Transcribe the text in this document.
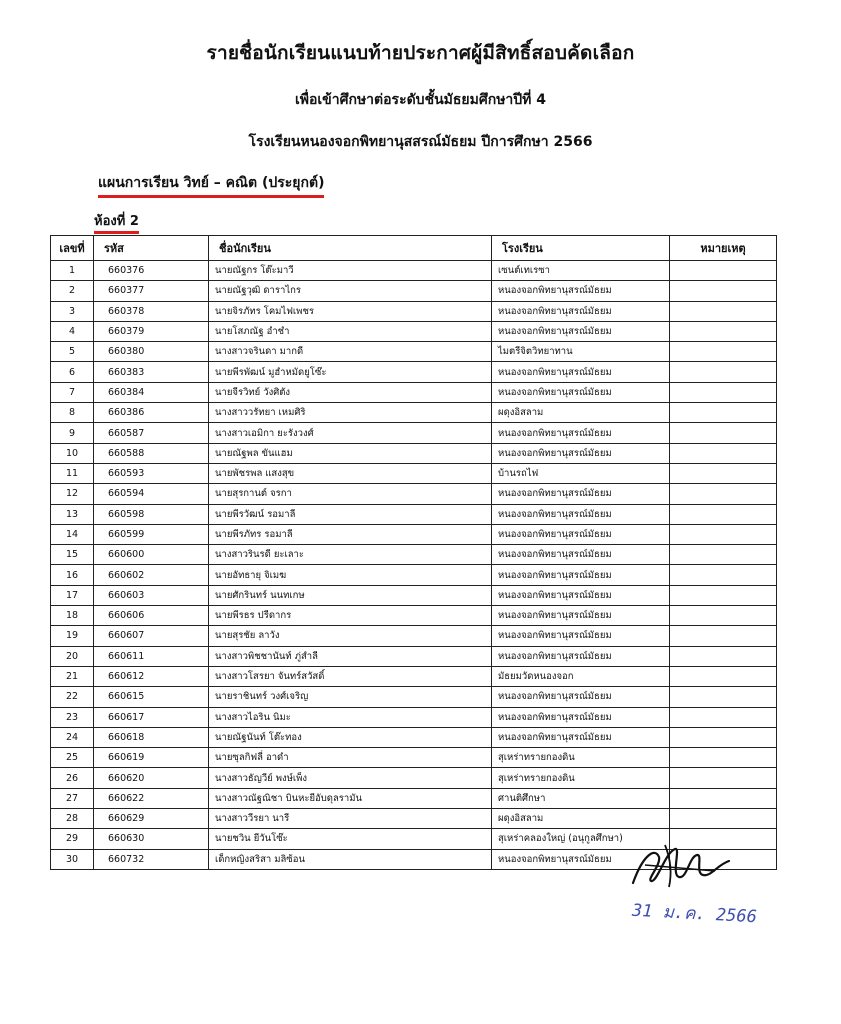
รายชื่อนักเรียนแนบท้ายประกาศผู้มีสิทธิ์สอบคัดเลือก
เพื่อเข้าศึกษาต่อระดับชั้นมัธยมศึกษาปีที่ 4
โรงเรียนหนองจอกพิทยานุสสรณ์มัธยม ปีการศึกษา 2566
แผนการเรียน วิทย์ – คณิต (ประยุกต์)
ห้องที่ 2
เลขที่	รหัส	ชื่อนักเรียน	โรงเรียน	หมายเหตุ
1	660376	นายณัฐกร โต๊ะมาวี	เซนต์เทเรซา	
2	660377	นายณัฐวุฒิ ดาราไกร	หนองจอกพิทยานุสรณ์มัธยม	
3	660378	นายจิรภัทร โคมไฟเพชร	หนองจอกพิทยานุสรณ์มัธยม	
4	660379	นายโสภณัฐ อำชำ	หนองจอกพิทยานุสรณ์มัธยม	
5	660380	นางสาวจรินดา มากดี	ไมตรีจิตวิทยาทาน	
6	660383	นายพีรพัฒน์ มูฮำหมัดยูโซ๊ะ	หนองจอกพิทยานุสรณ์มัธยม	
7	660384	นายจีรวิทย์ วังศิตัง	หนองจอกพิทยานุสรณ์มัธยม	
8	660386	นางสาววรัทยา เหมศิริ	ผดุงอิสลาม	
9	660587	นางสาวเอมิกา ยะรังวงศ์	หนองจอกพิทยานุสรณ์มัธยม	
10	660588	นายณัฐพล ขันแฮม	หนองจอกพิทยานุสรณ์มัธยม	
11	660593	นายพัชรพล แสงสุข	บ้านรถไฟ	
12	660594	นายสุรกานต์ จรกา	หนองจอกพิทยานุสรณ์มัธยม	
13	660598	นายพีรวัฒน์ รอมาลี	หนองจอกพิทยานุสรณ์มัธยม	
14	660599	นายพีรภัทร รอมาลี	หนองจอกพิทยานุสรณ์มัธยม	
15	660600	นางสาวรินรดี ยะเลาะ	หนองจอกพิทยานุสรณ์มัธยม	
16	660602	นายอัทธายุ จิเมฆ	หนองจอกพิทยานุสรณ์มัธยม	
17	660603	นายศักรินทร์ นนทเกษ	หนองจอกพิทยานุสรณ์มัธยม	
18	660606	นายพีรธร ปรีดากร	หนองจอกพิทยานุสรณ์มัธยม	
19	660607	นายสุรชัย ลาวัง	หนองจอกพิทยานุสรณ์มัธยม	
20	660611	นางสาวพิชชานันท์ ภู่สำลี	หนองจอกพิทยานุสรณ์มัธยม	
21	660612	นางสาวโสรยา จันทร์สวัสดิ์	มัธยมวัดหนองจอก	
22	660615	นายราชินทร์ วงศ์เจริญ	หนองจอกพิทยานุสรณ์มัธยม	
23	660617	นางสาวไอริน นิมะ	หนองจอกพิทยานุสรณ์มัธยม	
24	660618	นายณัฐนันท์ โต๊ะทอง	หนองจอกพิทยานุสรณ์มัธยม	
25	660619	นายซุลกิฟลี่ อาดำ	สุเหร่าทรายกองดิน	
26	660620	นางสาวธัญวีย์ พงษ์เพ็ง	สุเหร่าทรายกองดิน	
27	660622	นางสาวณัฐณิชา บินหะยีอับดุลรามัน	ศานติศึกษา	
28	660629	นางสาววีรยา นารี	ผดุงอิสลาม	
29	660630	นายชวิน ยีวันโซ๊ะ	สุเหร่าคลองใหญ่ (อนุกูลศึกษา)	
30	660732	เด็กหญิงสริสา มลิซ้อน	หนองจอกพิทยานุสรณ์มัธยม	
31 ม.ค. 2566
